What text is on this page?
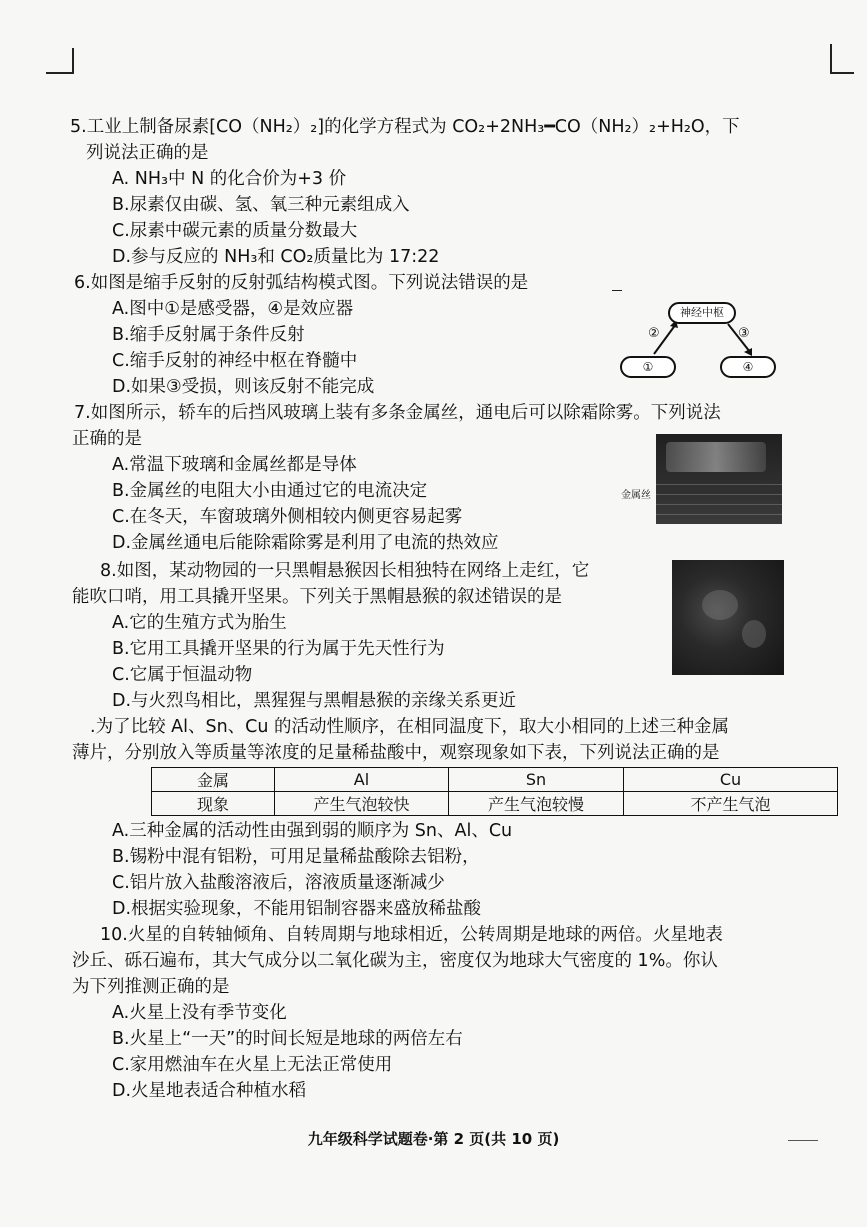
5.工业上制备尿素[CO（NH₂）₂]的化学方程式为 CO₂+2NH₃━CO（NH₂）₂+H₂O，下
列说法正确的是
A. NH₃中 N 的化合价为+3 价
B.尿素仅由碳、氢、氧三种元素组成入
C.尿素中碳元素的质量分数最大
D.参与反应的 NH₃和 CO₂质量比为 17:22
6.如图是缩手反射的反射弧结构模式图。下列说法错误的是
A.图中①是感受器，④是效应器
B.缩手反射属于条件反射
C.缩手反射的神经中枢在脊髓中
D.如果③受损，则该反射不能完成
神经中枢
①	④
②	③
7.如图所示，轿车的后挡风玻璃上装有多条金属丝，通电后可以除霜除雾。下列说法
正确的是
A.常温下玻璃和金属丝都是导体
B.金属丝的电阻大小由通过它的电流决定
C.在冬天，车窗玻璃外侧相较内侧更容易起雾
D.金属丝通电后能除霜除雾是利用了电流的热效应
金属丝
8.如图，某动物园的一只黑帽悬猴因长相独特在网络上走红，它
能吹口哨，用工具撬开坚果。下列关于黑帽悬猴的叙述错误的是
A.它的生殖方式为胎生
B.它用工具撬开坚果的行为属于先天性行为
C.它属于恒温动物
D.与火烈鸟相比，黑猩猩与黑帽悬猴的亲缘关系更近
.为了比较 Al、Sn、Cu 的活动性顺序，在相同温度下，取大小相同的上述三种金属
薄片，分别放入等质量等浓度的足量稀盐酸中，观察现象如下表，下列说法正确的是
金属	Al	Sn	Cu
现象	产生气泡较快	产生气泡较慢	不产生气泡
A.三种金属的活动性由强到弱的顺序为 Sn、Al、Cu
B.锡粉中混有铝粉，可用足量稀盐酸除去铝粉，
C.铝片放入盐酸溶液后，溶液质量逐渐减少
D.根据实验现象，不能用铝制容器来盛放稀盐酸
10.火星的自转轴倾角、自转周期与地球相近，公转周期是地球的两倍。火星地表
沙丘、砾石遍布，其大气成分以二氧化碳为主，密度仅为地球大气密度的 1%。你认
为下列推测正确的是
A.火星上没有季节变化
B.火星上“一天”的时间长短是地球的两倍左右
C.家用燃油车在火星上无法正常使用
D.火星地表适合种植水稻
九年级科学试题卷·第 2 页(共 10 页)
